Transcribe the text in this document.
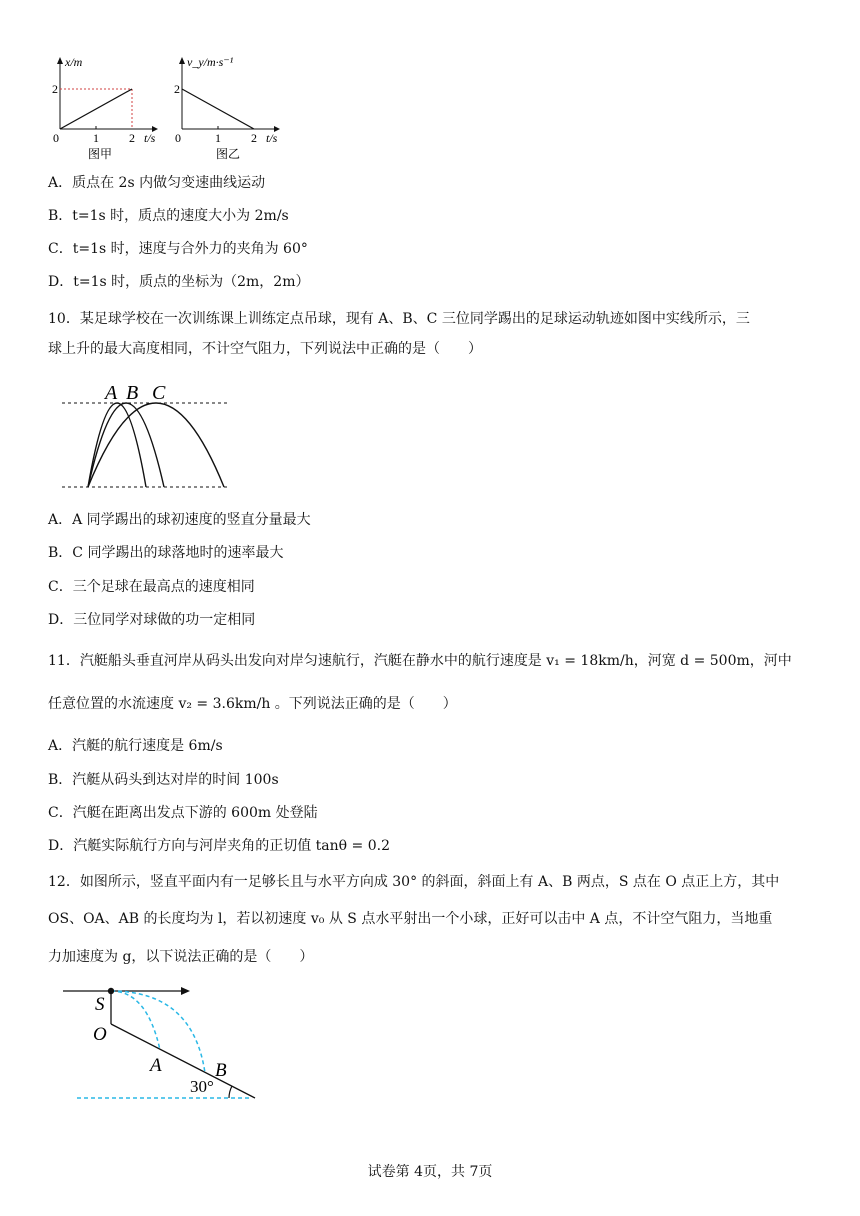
x/m
2
0	1	2 t/s
图甲
v_y/m·s⁻¹
2
0	1	2 t/s
图乙
A．质点在 2s 内做匀变速曲线运动
B．t=1s 时，质点的速度大小为 2m/s
C．t=1s 时，速度与合外力的夹角为 60°
D．t=1s 时，质点的坐标为（2m，2m）
10．某足球学校在一次训练课上训练定点吊球，现有 A、B、C 三位同学踢出的足球运动轨迹如图中实线所示，三
球上升的最大高度相同，不计空气阻力，下列说法中正确的是（　　）
A B C
A．A 同学踢出的球初速度的竖直分量最大
B．C 同学踢出的球落地时的速率最大
C．三个足球在最高点的速度相同
D．三位同学对球做的功一定相同
11．汽艇船头垂直河岸从码头出发向对岸匀速航行，汽艇在静水中的航行速度是 v₁ = 18km/h，河宽 d = 500m，河中
任意位置的水流速度 v₂ = 3.6km/h 。下列说法正确的是（　　）
A．汽艇的航行速度是 6m/s
B．汽艇从码头到达对岸的时间 100s
C．汽艇在距离出发点下游的 600m 处登陆
D．汽艇实际航行方向与河岸夹角的正切值 tanθ = 0.2
12．如图所示，竖直平面内有一足够长且与水平方向成 30° 的斜面，斜面上有 A、B 两点，S 点在 O 点正上方，其中
OS、OA、AB 的长度均为 l，若以初速度 v₀ 从 S 点水平射出一个小球，正好可以击中 A 点，不计空气阻力，当地重
力加速度为 g，以下说法正确的是（　　）
S
O
A	B
30°
试卷第 4页，共 7页
